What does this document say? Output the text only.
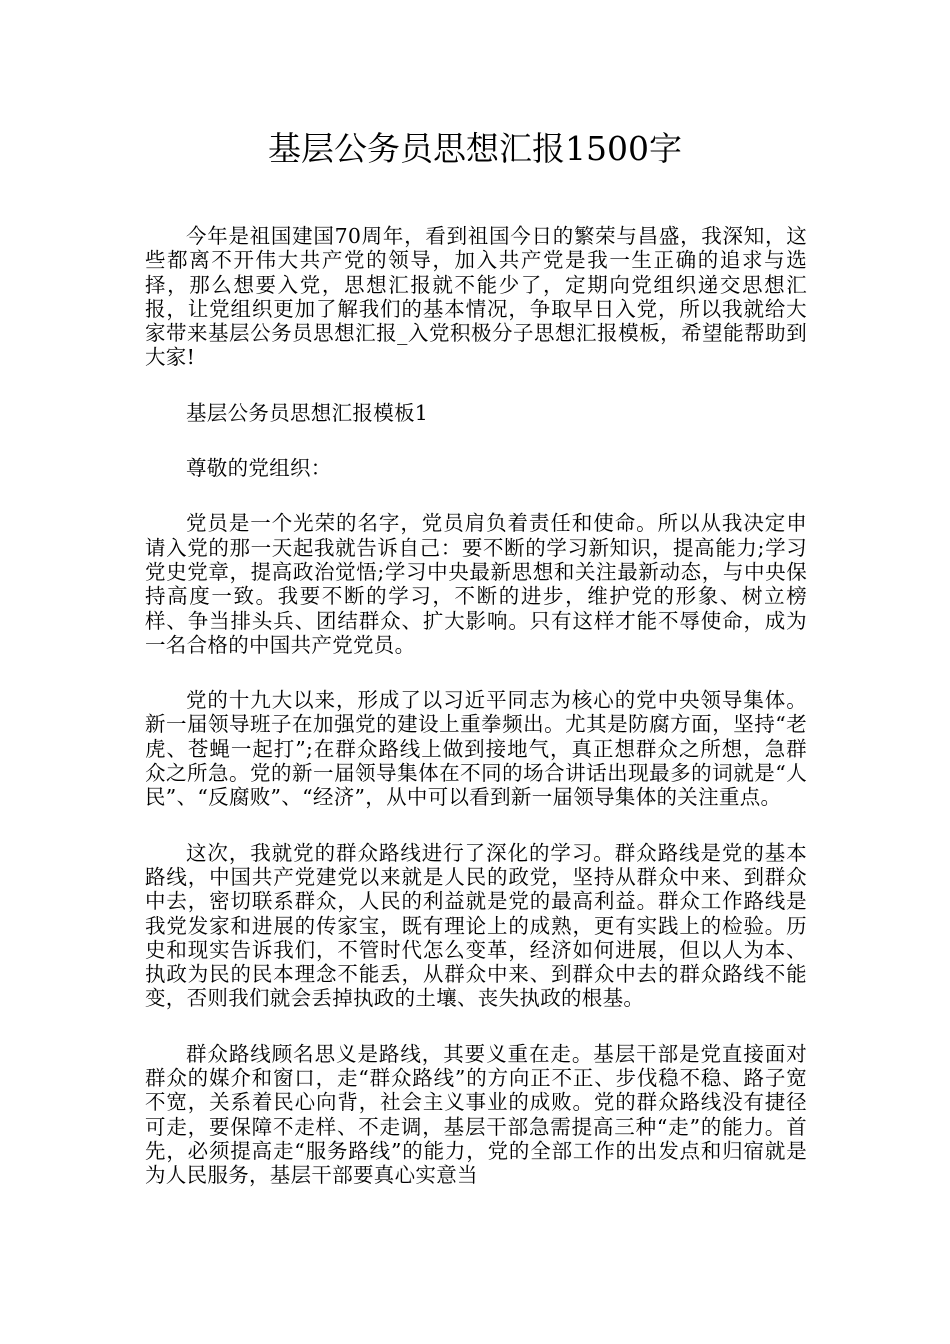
基层公务员思想汇报1500字

今年是祖国建国70周年，看到祖国今日的繁荣与昌盛，我深知，这些都离不开伟大共产党的领导，加入共产党是我一生正确的追求与选择，那么想要入党，思想汇报就不能少了，定期向党组织递交思想汇报，让党组织更加了解我们的基本情况，争取早日入党，所以我就给大家带来基层公务员思想汇报_入党积极分子思想汇报模板，希望能帮助到大家!

基层公务员思想汇报模板1

尊敬的党组织：

党员是一个光荣的名字，党员肩负着责任和使命。所以从我决定申请入党的那一天起我就告诉自己：要不断的学习新知识，提高能力;学习党史党章，提高政治觉悟;学习中央最新思想和关注最新动态，与中央保持高度一致。我要不断的学习，不断的进步，维护党的形象、树立榜样、争当排头兵、团结群众、扩大影响。只有这样才能不辱使命，成为一名合格的中国共产党党员。

党的十九大以来，形成了以习近平同志为核心的党中央领导集体。新一届领导班子在加强党的建设上重拳频出。尤其是防腐方面，坚持“老虎、苍蝇一起打”;在群众路线上做到接地气，真正想群众之所想，急群众之所急。党的新一届领导集体在不同的场合讲话出现最多的词就是“人民”、“反腐败”、“经济”，从中可以看到新一届领导集体的关注重点。

这次，我就党的群众路线进行了深化的学习。群众路线是党的基本路线，中国共产党建党以来就是人民的政党，坚持从群众中来、到群众中去，密切联系群众，人民的利益就是党的最高利益。群众工作路线是我党发家和进展的传家宝，既有理论上的成熟，更有实践上的检验。历史和现实告诉我们，不管时代怎么变革，经济如何进展，但以人为本、执政为民的民本理念不能丢，从群众中来、到群众中去的群众路线不能变，否则我们就会丢掉执政的土壤、丧失执政的根基。

群众路线顾名思义是路线，其要义重在走。基层干部是党直接面对群众的媒介和窗口，走“群众路线”的方向正不正、步伐稳不稳、路子宽不宽，关系着民心向背，社会主义事业的成败。党的群众路线没有捷径可走，要保障不走样、不走调，基层干部急需提高三种“走”的能力。首先，必须提高走“服务路线”的能力，党的全部工作的出发点和归宿就是为人民服务，基层干部要真心实意当
